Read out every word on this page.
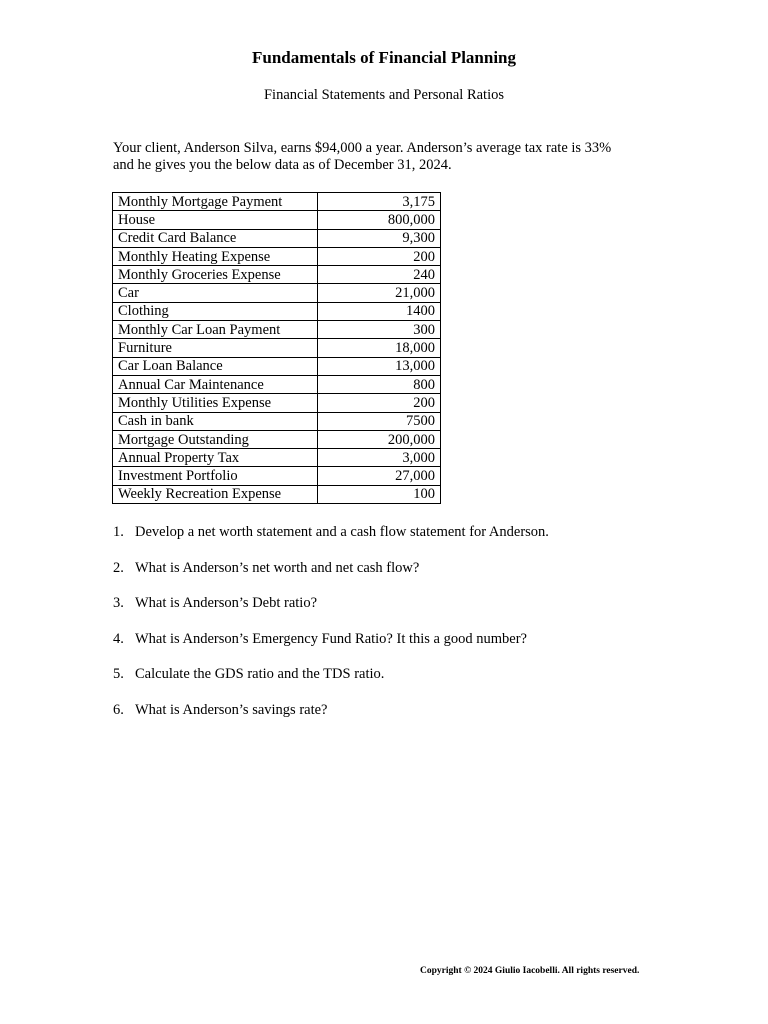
Fundamentals of Financial Planning
Financial Statements and Personal Ratios

Your client, Anderson Silva, earns $94,000 a year. Anderson’s average tax rate is 33%
and he gives you the below data as of December 31, 2024.

Monthly Mortgage Payment	3,175
House	800,000
Credit Card Balance	9,300
Monthly Heating Expense	200
Monthly Groceries Expense	240
Car	21,000
Clothing	1400
Monthly Car Loan Payment	300
Furniture	18,000
Car Loan Balance	13,000
Annual Car Maintenance	800
Monthly Utilities Expense	200
Cash in bank	7500
Mortgage Outstanding	200,000
Annual Property Tax	3,000
Investment Portfolio	27,000
Weekly Recreation Expense	100
1. Develop a net worth statement and a cash flow statement for Anderson.
2. What is Anderson’s net worth and net cash flow?
3. What is Anderson’s Debt ratio?
4. What is Anderson’s Emergency Fund Ratio? It this a good number?
5. Calculate the GDS ratio and the TDS ratio.
6. What is Anderson’s savings rate?
Copyright © 2024 Giulio Iacobelli. All rights reserved.
